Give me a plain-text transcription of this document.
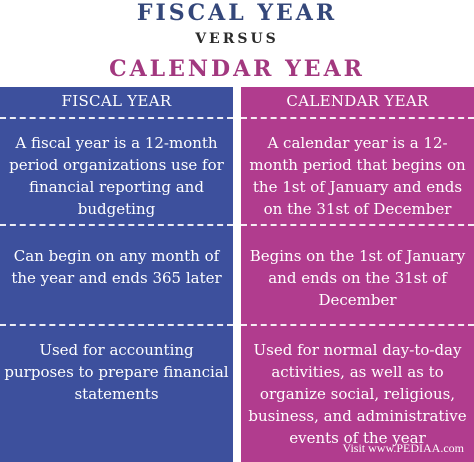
FISCAL YEAR
VERSUS
CALENDAR YEAR
FISCAL YEAR
A fiscal year is a 12-month period organizations use for financial reporting and budgeting
Can begin on any month of the year and ends 365 later
Used for accounting purposes to prepare financial statements
CALENDAR YEAR
A calendar year is a 12-month period that begins on the 1st of January and ends on the 31st of December
Begins on the 1st of January and ends on the 31st of December
Used for normal day-to-day activities, as well as to organize social, religious, business, and administrative events of the year
Visit www.PEDIAA.com
